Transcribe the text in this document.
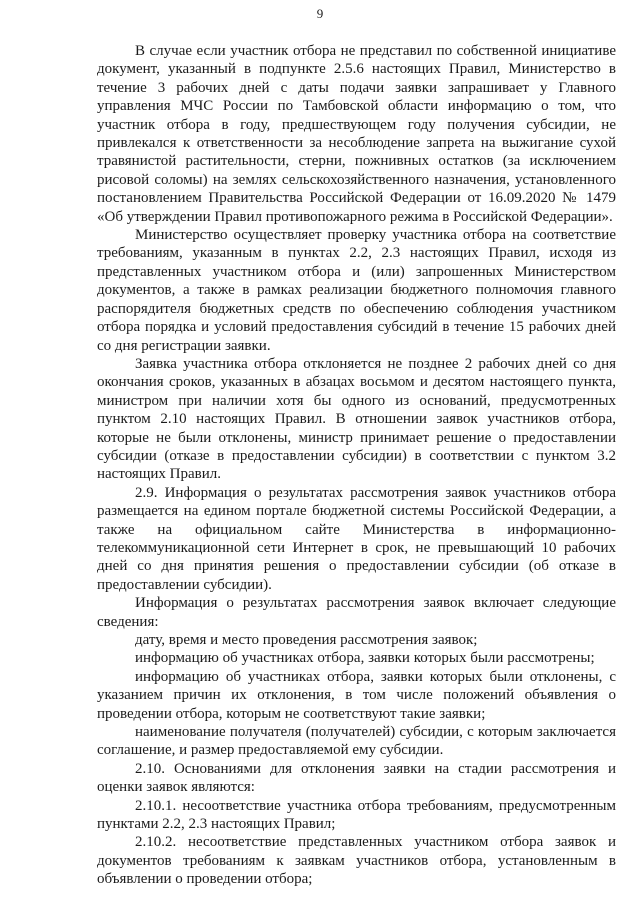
9

В случае если участник отбора не представил по собственной инициативе документ, указанный в подпункте 2.5.6 настоящих Правил, Министерство в течение 3 рабочих дней с даты подачи заявки запрашивает у Главного управления МЧС России по Тамбовской области информацию о том, что участник отбора в году, предшествующем году получения субсидии, не привлекался к ответственности за несоблюдение запрета на выжигание сухой травянистой растительности, стерни, пожнивных остатков (за исключением рисовой соломы) на землях сельскохозяйственного назначения, установленного постановлением Правительства Российской Федерации от 16.09.2020 № 1479 «Об утверждении Правил противопожарного режима в Российской Федерации».

Министерство осуществляет проверку участника отбора на соответствие требованиям, указанным в пунктах 2.2, 2.3 настоящих Правил, исходя из представленных участником отбора и (или) запрошенных Министерством документов, а также в рамках реализации бюджетного полномочия главного распорядителя бюджетных средств по обеспечению соблюдения участником отбора порядка и условий предоставления субсидий в течение 15 рабочих дней со дня регистрации заявки.

Заявка участника отбора отклоняется не позднее 2 рабочих дней со дня окончания сроков, указанных в абзацах восьмом и десятом настоящего пункта, министром при наличии хотя бы одного из оснований, предусмотренных пунктом 2.10 настоящих Правил. В отношении заявок участников отбора, которые не были отклонены, министр принимает решение о предоставлении субсидии (отказе в предоставлении субсидии) в соответствии с пунктом 3.2 настоящих Правил.

2.9. Информация о результатах рассмотрения заявок участников отбора размещается на едином портале бюджетной системы Российской Федерации, а также на официальном сайте Министерства в информационно-телекоммуникационной сети Интернет в срок, не превышающий 10 рабочих дней со дня принятия решения о предоставлении субсидии (об отказе в предоставлении субсидии).

Информация о результатах рассмотрения заявок включает следующие сведения:

дату, время и место проведения рассмотрения заявок;

информацию об участниках отбора, заявки которых были рассмотрены;

информацию об участниках отбора, заявки которых были отклонены, с указанием причин их отклонения, в том числе положений объявления о проведении отбора, которым не соответствуют такие заявки;

наименование получателя (получателей) субсидии, с которым заключается соглашение, и размер предоставляемой ему субсидии.

2.10. Основаниями для отклонения заявки на стадии рассмотрения и оценки заявок являются:

2.10.1. несоответствие участника отбора требованиям, предусмотренным пунктами 2.2, 2.3 настоящих Правил;

2.10.2. несоответствие представленных участником отбора заявок и документов требованиям к заявкам участников отбора, установленным в объявлении о проведении отбора;
